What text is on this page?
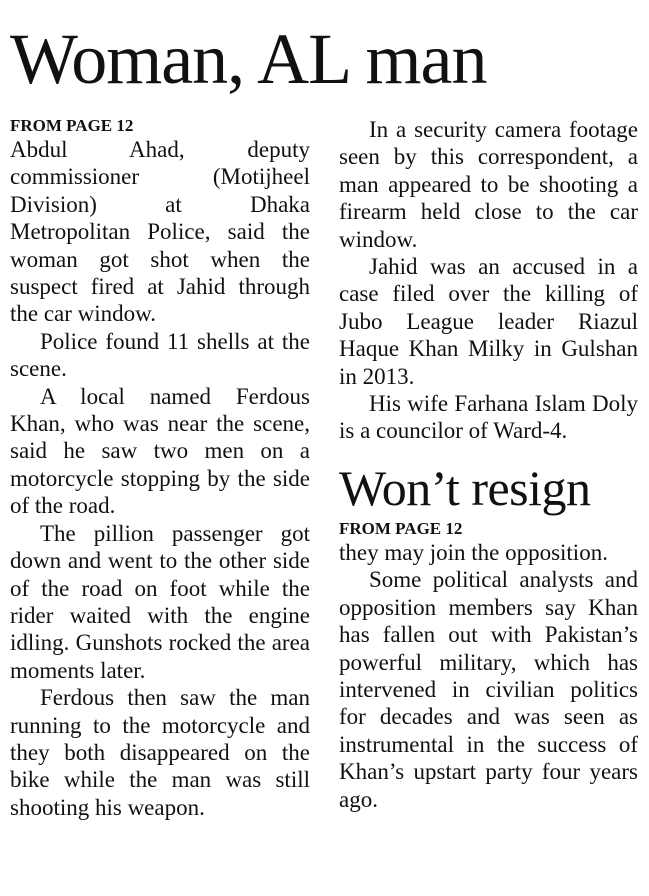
Woman, AL man
FROM PAGE 12

Abdul Ahad, deputy commissioner (Motijheel Division) at Dhaka Metropolitan Police, said the woman got shot when the suspect fired at Jahid through the car window.

Police found 11 shells at the scene.

A local named Ferdous Khan, who was near the scene, said he saw two men on a motorcycle stopping by the side of the road.

The pillion passenger got down and went to the other side of the road on foot while the rider waited with the engine idling. Gunshots rocked the area moments later.

Ferdous then saw the man running to the motorcycle and they both disappeared on the bike while the man was still shooting his weapon.

In a security camera footage seen by this correspondent, a man appeared to be shooting a firearm held close to the car window.

Jahid was an accused in a case filed over the killing of Jubo League leader Riazul Haque Khan Milky in Gulshan in 2013.

His wife Farhana Islam Doly is a councilor of Ward-4.

Won’t resign
FROM PAGE 12

they may join the opposition.

Some political analysts and opposition members say Khan has fallen out with Pakistan’s powerful military, which has intervened in civilian politics for decades and was seen as instrumental in the success of Khan’s upstart party four years ago.
